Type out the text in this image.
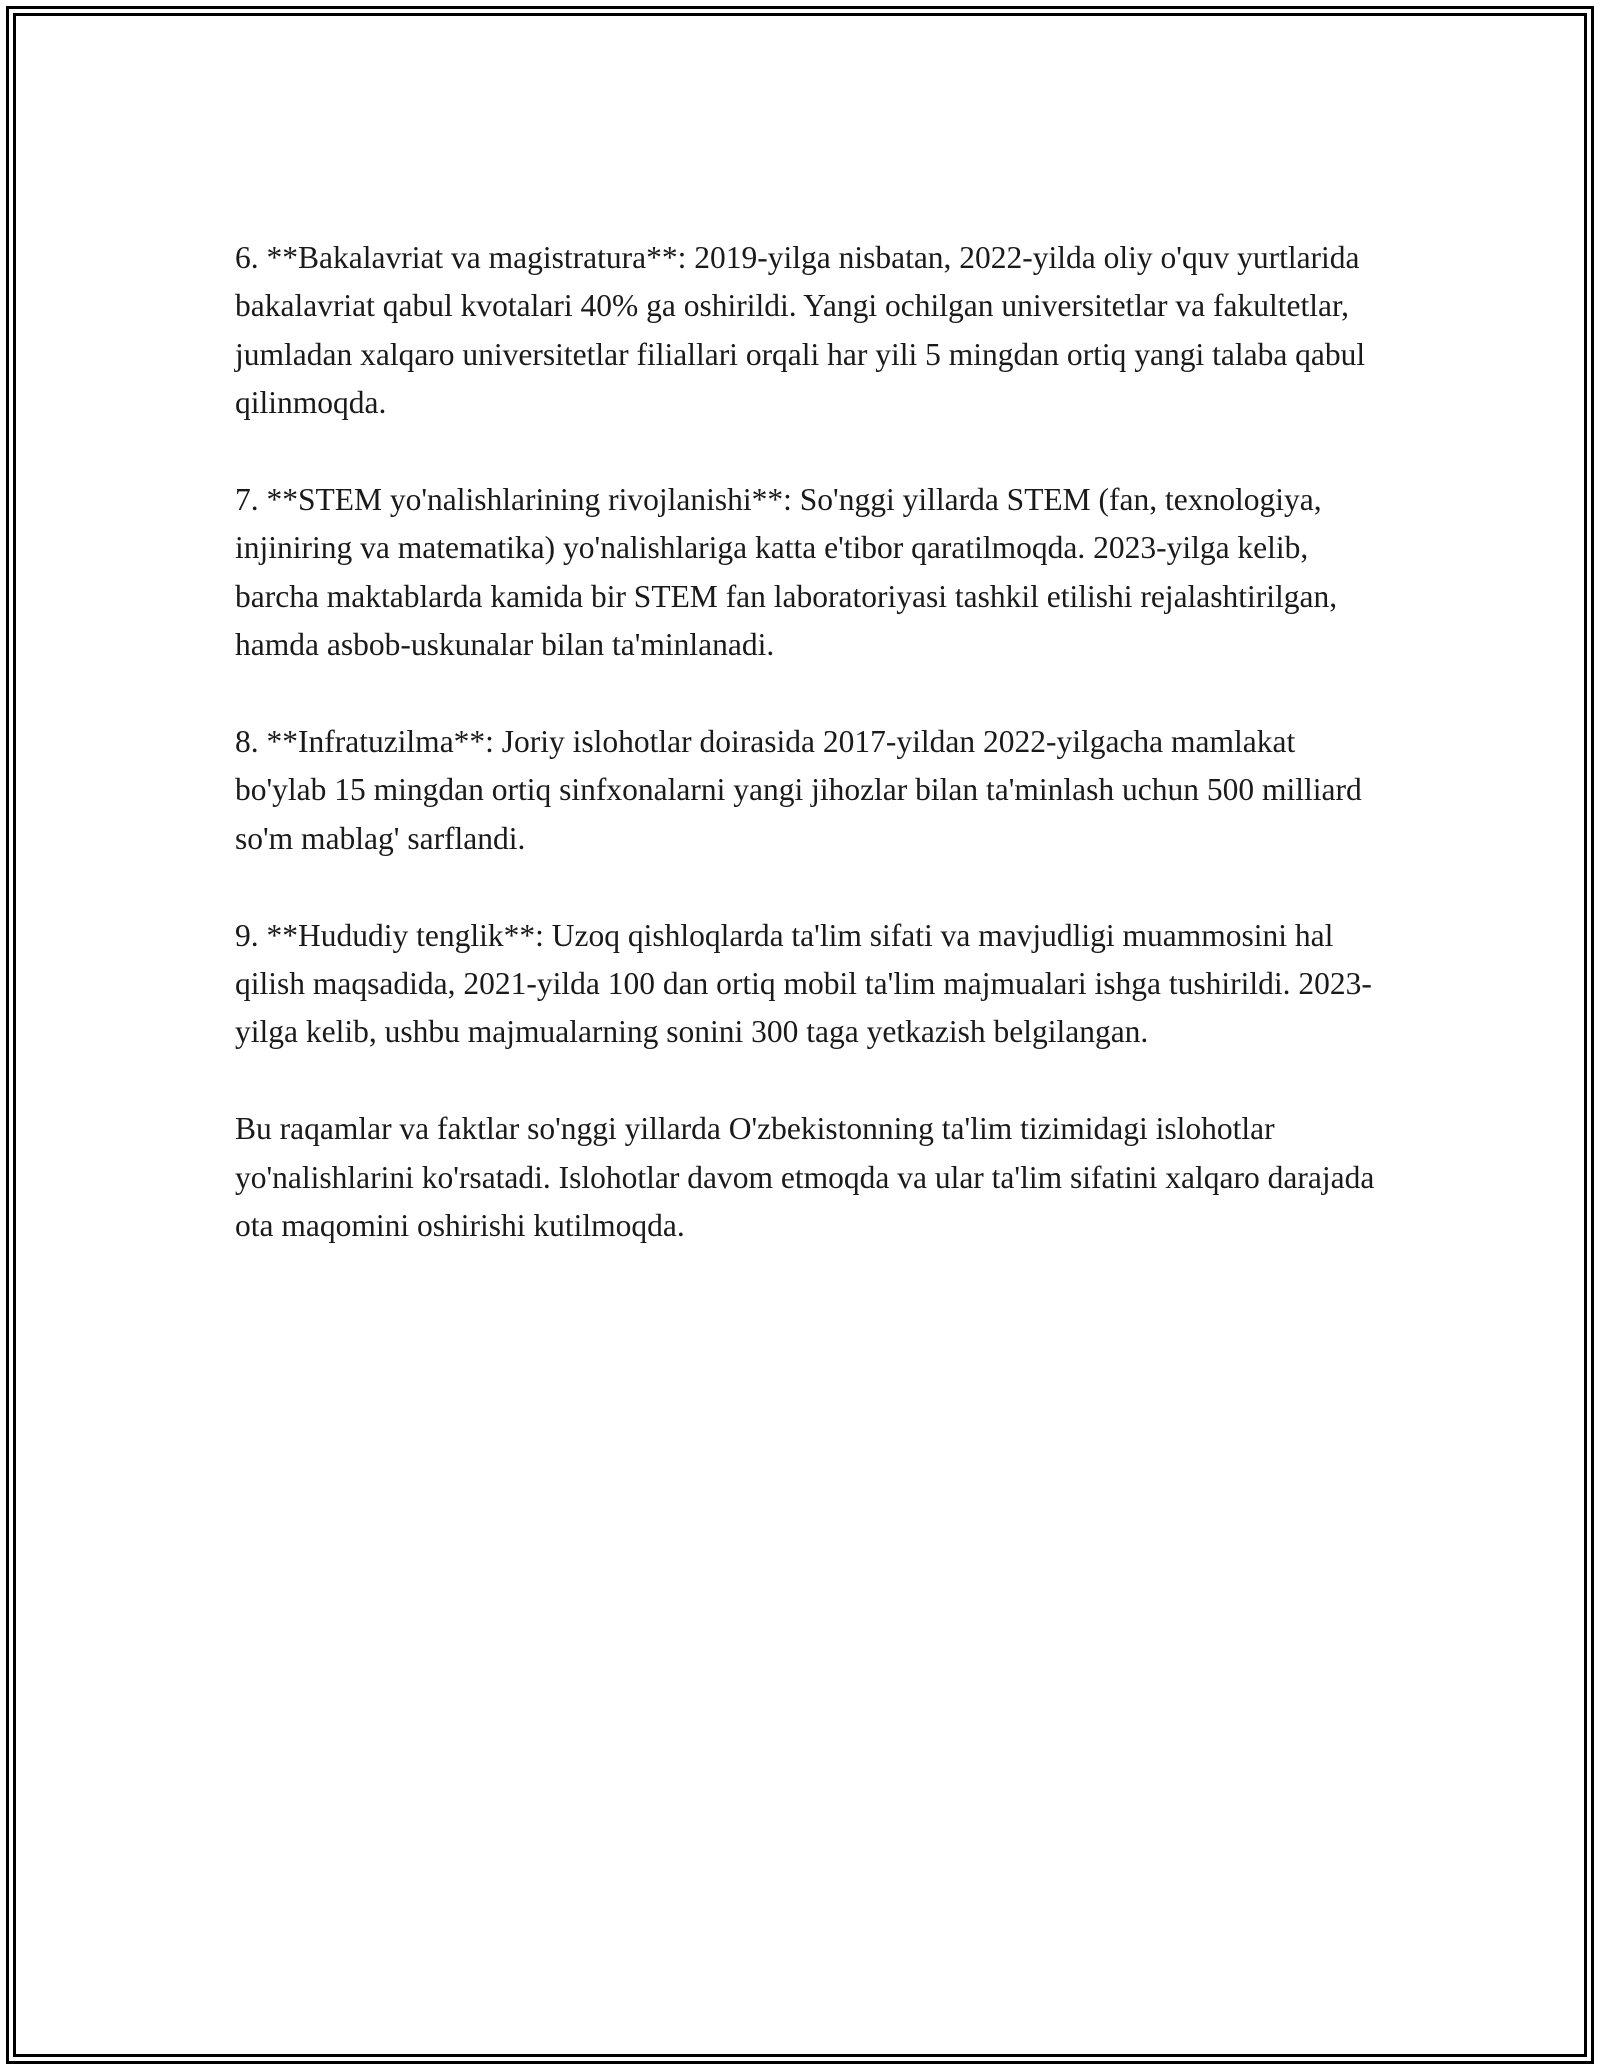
6. **Bakalavriat va magistratura**: 2019-yilga nisbatan, 2022-yilda oliy o'quv yurtlarida bakalavriat qabul kvotalari 40% ga oshirildi. Yangi ochilgan universitetlar va fakultetlar, jumladan xalqaro universitetlar filiallari orqali har yili 5 mingdan ortiq yangi talaba qabul qilinmoqda.

7. **STEM yo'nalishlarining rivojlanishi**: So'nggi yillarda STEM (fan, texnologiya, injiniring va matematika) yo'nalishlariga katta e'tibor qaratilmoqda. 2023-yilga kelib, barcha maktablarda kamida bir STEM fan laboratoriyasi tashkil etilishi rejalashtirilgan, hamda asbob-uskunalar bilan ta'minlanadi.

8. **Infratuzilma**: Joriy islohotlar doirasida 2017-yildan 2022-yilgacha mamlakat bo'ylab 15 mingdan ortiq sinfxonalarni yangi jihozlar bilan ta'minlash uchun 500 milliard so'm mablag' sarflandi.

9. **Hududiy tenglik**: Uzoq qishloqlarda ta'lim sifati va mavjudligi muammosini hal qilish maqsadida, 2021-yilda 100 dan ortiq mobil ta'lim majmualari ishga tushirildi. 2023-yilga kelib, ushbu majmualarning sonini 300 taga yetkazish belgilangan.

Bu raqamlar va faktlar so'nggi yillarda O'zbekistonning ta'lim tizimidagi islohotlar yo'nalishlarini ko'rsatadi. Islohotlar davom etmoqda va ular ta'lim sifatini xalqaro darajada ota maqomini oshirishi kutilmoqda.
